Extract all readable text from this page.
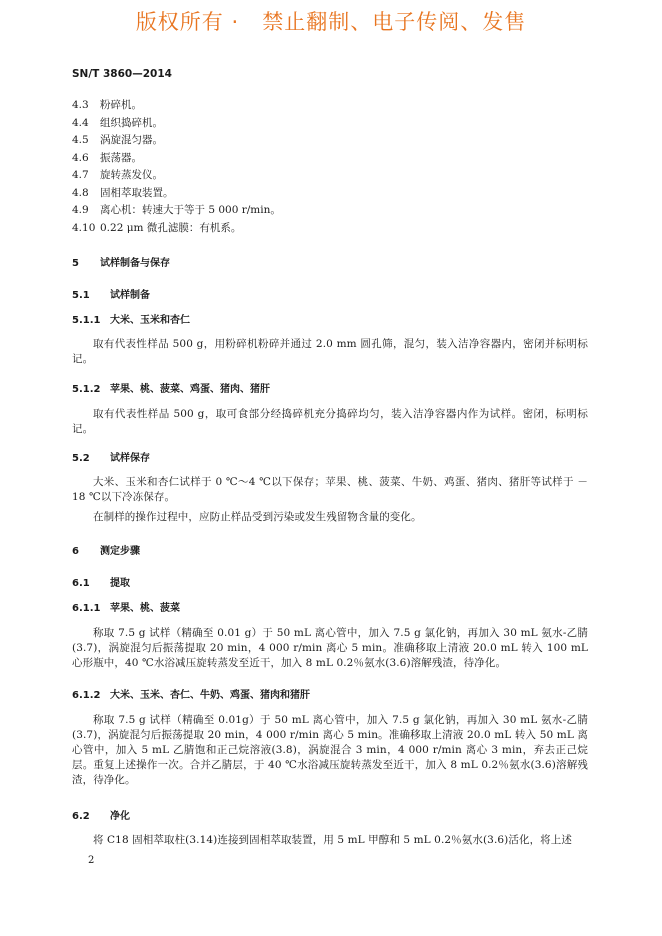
版权所有 ·   禁止翻制、电子传阅、发售
SN/T 3860—2014
4.3 粉碎机。
4.4 组织捣碎机。
4.5 涡旋混匀器。
4.6 振荡器。
4.7 旋转蒸发仪。
4.8 固相萃取装置。
4.9 离心机：转速大于等于 5 000 r/min。
4.10 0.22 μm 微孔滤膜：有机系。
5 试样制备与保存
5.1 试样制备
5.1.1 大米、玉米和杏仁
取有代表性样品 500 g，用粉碎机粉碎并通过 2.0 mm 圆孔筛，混匀，装入洁净容器内，密闭并标明标记。
5.1.2 苹果、桃、菠菜、鸡蛋、猪肉、猪肝
取有代表性样品 500 g，取可食部分经捣碎机充分捣碎均匀，装入洁净容器内作为试样。密闭，标明标记。
5.2 试样保存
大米、玉米和杏仁试样于 0 ℃～4 ℃以下保存；苹果、桃、菠菜、牛奶、鸡蛋、猪肉、猪肝等试样于 －18 ℃以下冷冻保存。
在制样的操作过程中，应防止样品受到污染或发生残留物含量的变化。
6 测定步骤
6.1 提取
6.1.1 苹果、桃、菠菜
称取 7.5 g 试样（精确至 0.01 g）于 50 mL 离心管中，加入 7.5 g 氯化钠，再加入 30 mL 氨水-乙腈(3.7)，涡旋混匀后振荡提取 20 min，4 000 r/min 离心 5 min。准确移取上清液 20.0 mL 转入 100 mL 心形瓶中，40 ℃水浴减压旋转蒸发至近干，加入 8 mL 0.2％氨水(3.6)溶解残渣，待净化。
6.1.2 大米、玉米、杏仁、牛奶、鸡蛋、猪肉和猪肝
称取 7.5 g 试样（精确至 0.01g）于 50 mL 离心管中，加入 7.5 g 氯化钠，再加入 30 mL 氨水-乙腈(3.7)，涡旋混匀后振荡提取 20 min，4 000 r/min 离心 5 min。准确移取上清液 20.0 mL 转入 50 mL 离心管中，加入 5 mL 乙腈饱和正己烷溶液(3.8)，涡旋混合 3 min，4 000 r/min 离心 3 min，弃去正己烷层。重复上述操作一次。合并乙腈层，于 40 ℃水浴减压旋转蒸发至近干，加入 8 mL 0.2％氨水(3.6)溶解残渣，待净化。
6.2 净化
将 C18 固相萃取柱(3.14)连接到固相萃取装置，用 5 mL 甲醇和 5 mL 0.2％氨水(3.6)活化，将上述
2
